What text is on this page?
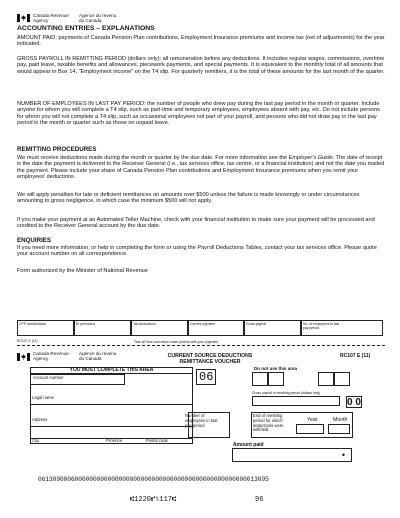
Canada Revenue
Agency
Agence du revenu
du Canada
ACCOUNTING ENTRIES – EXPLANATIONS
AMOUNT PAID: payments of Canada Pension Plan contributions, Employment Insurance premiums and income tax (net of adjustments) for the year indicated.
GROSS PAYROLL IN REMITTING PERIOD (dollars only): all remuneration before any deductions. It includes regular wages, commissions, overtime pay, paid leave, taxable benefits and allowances, piecework payments, and special payments. It is equivalent to the monthly total of all amounts that would appear in Box 14, "Employment income" on the T4 slip. For quarterly remitters, it is the total of these amounts for the last month of the quarter.
NUMBER OF EMPLOYEES IN LAST PAY PERIOD: the number of people who drew pay during the last pay period in the month or quarter. Include anyone for whom you will complete a T4 slip, such as part-time and temporary employees, employees absent with pay, etc. Do not include persons for whom you will not complete a T4 slip, such as occasional employees not part of your payroll, and persons who did not draw pay in the last pay period in the month or quarter such as those on unpaid leave.
REMITTING PROCEDURES
We must receive deductions made during the month or quarter by the due date. For more information see the Employer's Guide. The date of receipt is the date the payment is delivered to the Receiver General (i.e., tax services office, tax centre, or a financial institution) and not the date you mailed the payment. Please include your share of Canada Pension Plan contributions and Employment Insurance premiums when you remit your employees' deductions.
We will apply penalties for late or deficient remittances on amounts over $500 unless the failure is made knowingly or under circumstances amounting to gross negligence, in which case the minimum $500 will not apply.
If you make your payment at an Automated Teller Machine, check with your financial institution to make sure your payment will be processed and credited to the Receiver General account by the due date.
ENQUIRIES
If you need more information, or help in completing the form or using the Payroll Deductions Tables, contact your tax services office. Please quote your account number on all correspondence.
Form authorized by the Minister of National Revenue
CPP contributions	EI premiums	Tax deductions	Current payment	Gross payroll	No. of employees in last pay period
RC107 E (11)	Tear off here and return lower portion with your payment
Canada Revenue
Agency
Agence du revenu
du Canada	CURRENT SOURCE DEDUCTIONS
REMITTANCE VOUCHER
RC107 E (11)
YOU MUST COMPLETE THIS AREA
Account number
Legal name
Address
City	Province	Postal code
06
Number of employees in last pay period
Do not use this area
Gross payroll in remitting period (dollars only)
0 0
End of remitting period for which deductions were withheld
Year	Month
Amount paid
•
061309000600000000000000000000000000000000000000000000000013095
⑆1220⑈⑊117⑆	96
